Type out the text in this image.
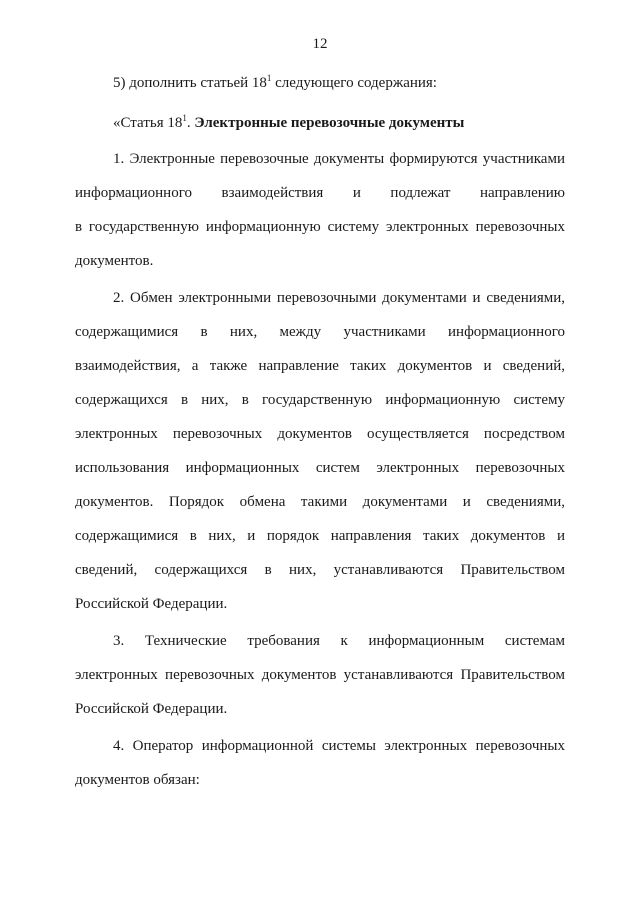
12
5) дополнить статьей $18^1$ следующего содержания:
«Статья $18^1$. Электронные перевозочные документы
1. Электронные перевозочные документы формируются участниками
информационного взаимодействия и подлежат направлению
в государственную информационную систему электронных перевозочных
документов.
2. Обмен электронными перевозочными документами и сведениями,
содержащимися в них, между участниками информационного
взаимодействия, а также направление таких документов и сведений,
содержащихся в них, в государственную информационную систему
электронных перевозочных документов осуществляется посредством
использования информационных систем электронных перевозочных
документов. Порядок обмена такими документами и сведениями,
содержащимися в них, и порядок направления таких документов и
сведений, содержащихся в них, устанавливаются Правительством
Российской Федерации.
3. Технические требования к информационным системам
электронных перевозочных документов устанавливаются Правительством
Российской Федерации.
4. Оператор информационной системы электронных перевозочных
документов обязан:
